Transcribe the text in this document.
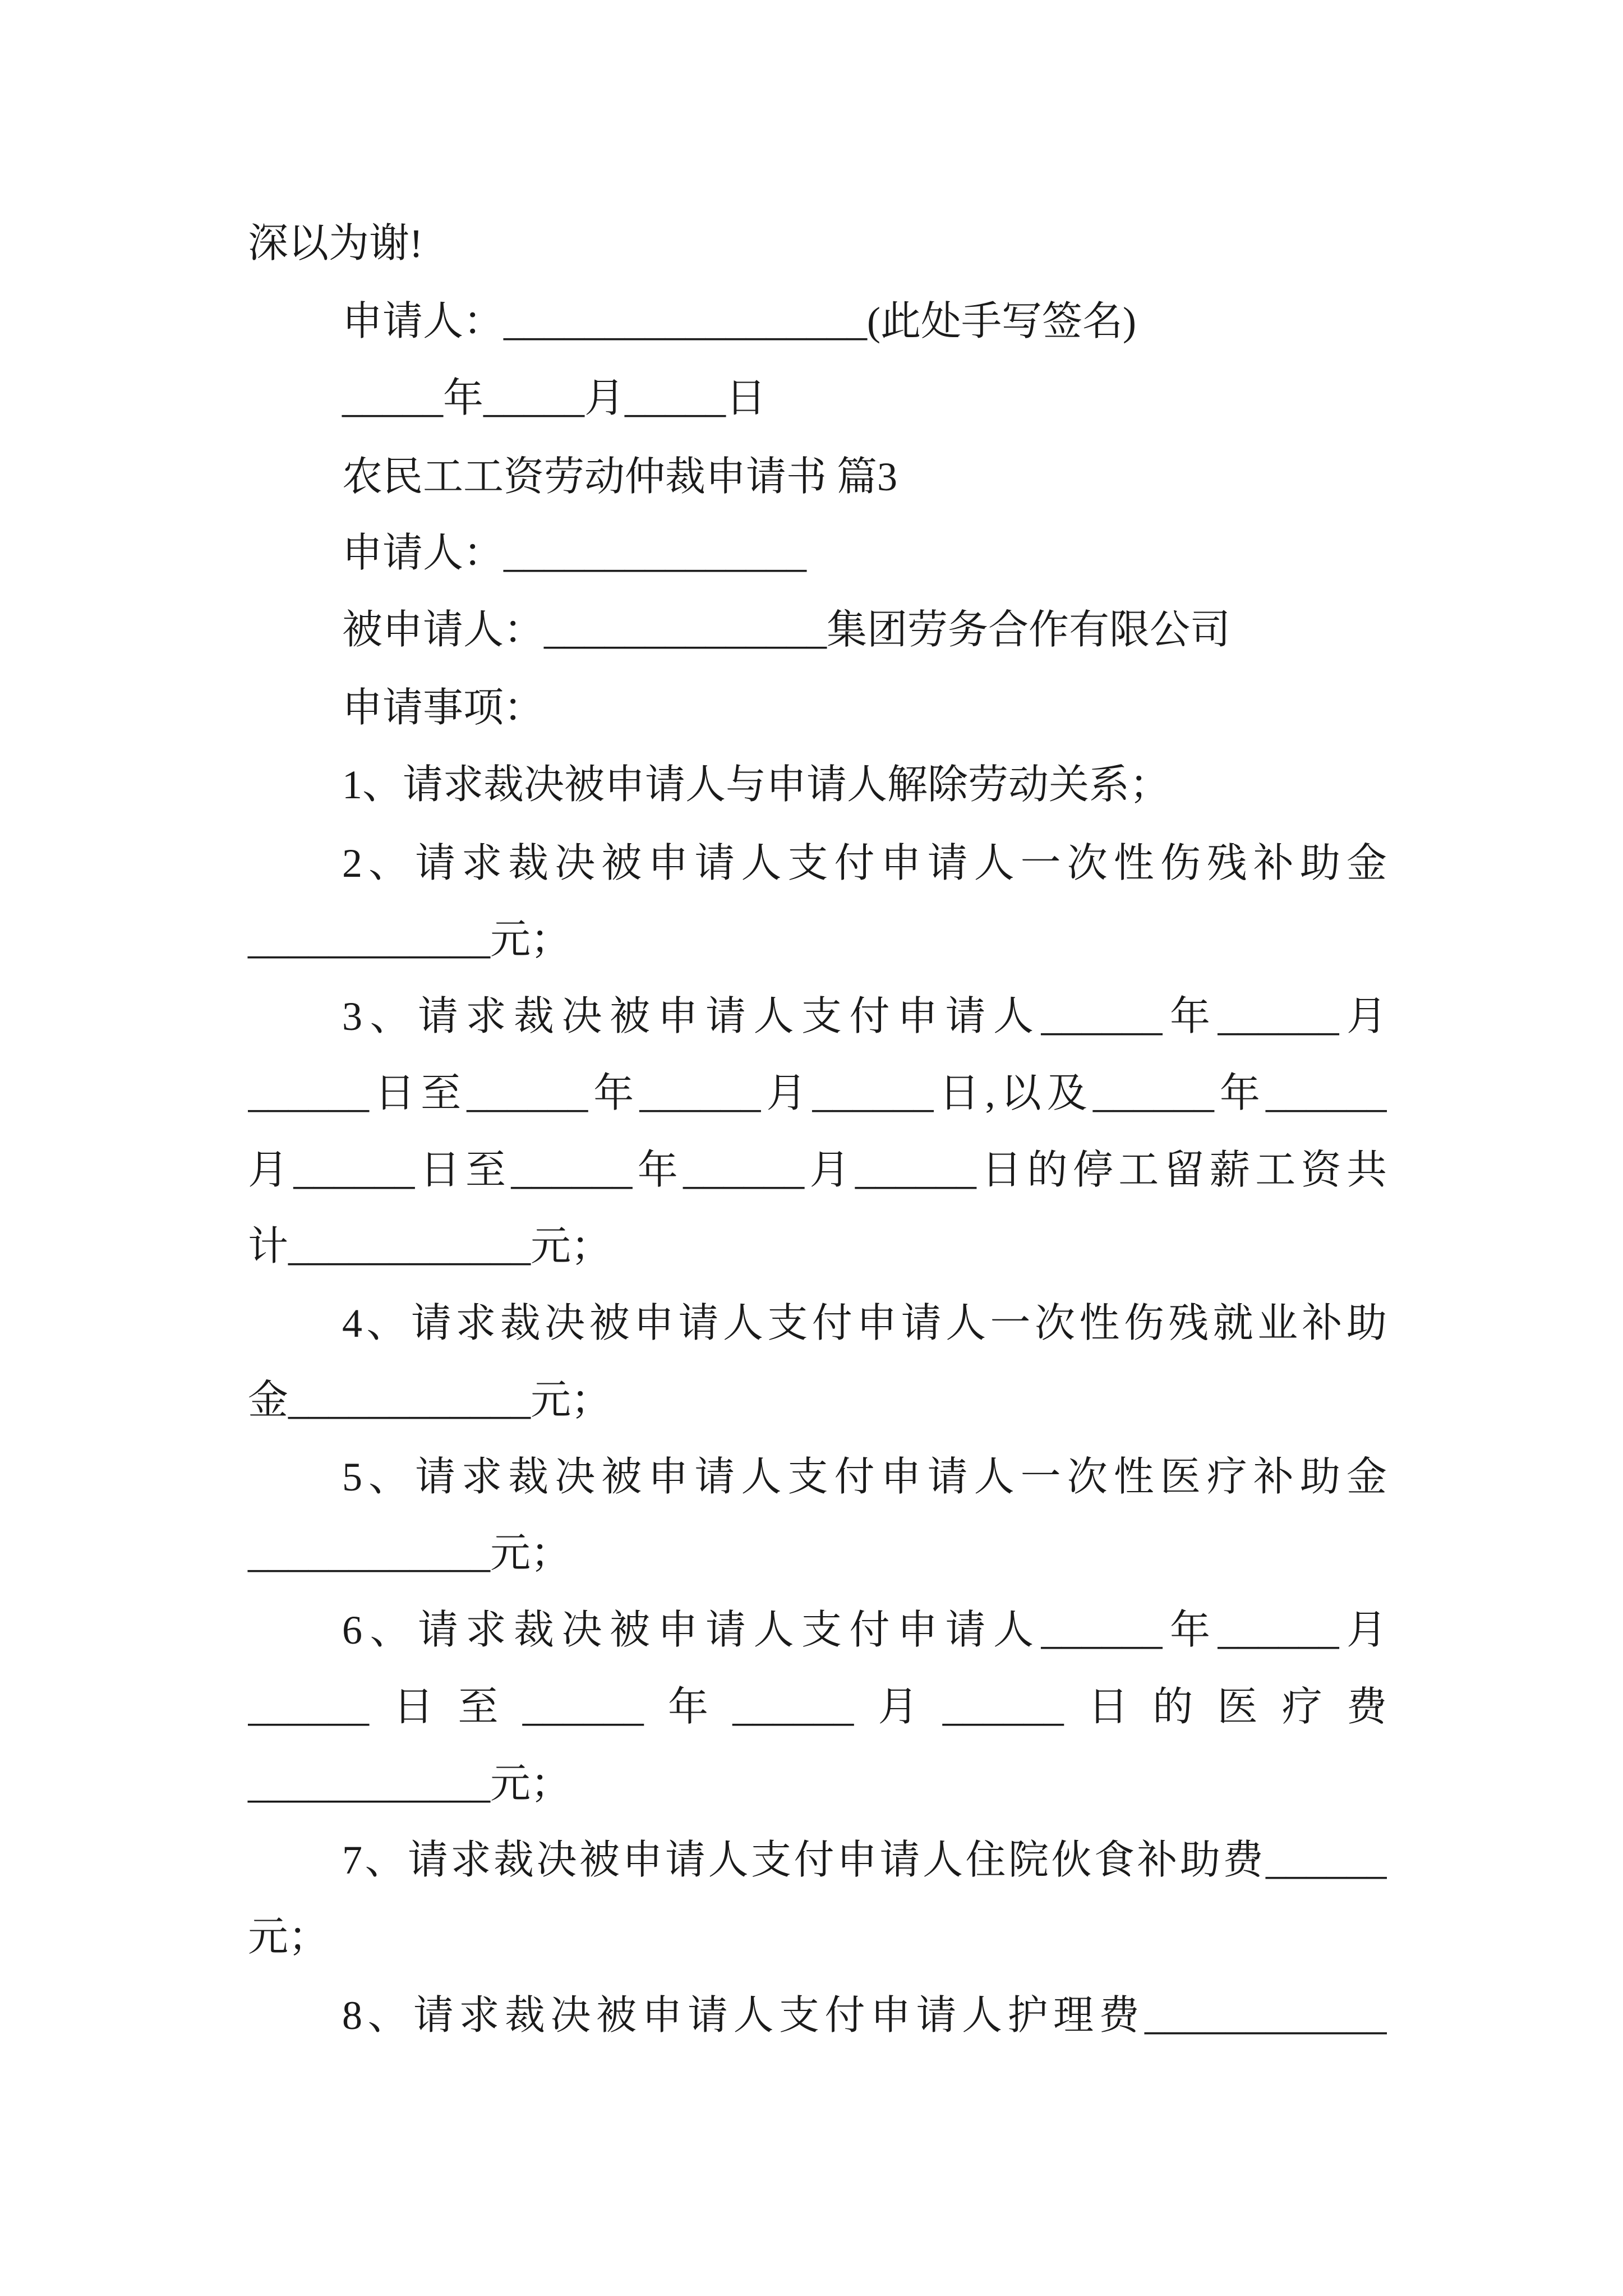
深以为谢!
申请人：__________________(此处手写签名)
_____年_____月_____日
农民工工资劳动仲裁申请书 篇3
申请人：_______________
被申请人：______________集团劳务合作有限公司
申请事项：
1、请求裁决被申请人与申请人解除劳动关系；
2、请求裁决被申请人支付申请人一次性伤残补助金
____________元；
3、请求裁决被申请人支付申请人______年______月
______日至______年______月______日,以及______年______
月______日至______年______月______日的停工留薪工资共
计____________元；
4、请求裁决被申请人支付申请人一次性伤残就业补助
金____________元；
5、请求裁决被申请人支付申请人一次性医疗补助金
____________元；
6、请求裁决被申请人支付申请人______年______月
______日至______年______月______日的医疗费
____________元；
7、请求裁决被申请人支付申请人住院伙食补助费______
元；
8、请求裁决被申请人支付申请人护理费____________
